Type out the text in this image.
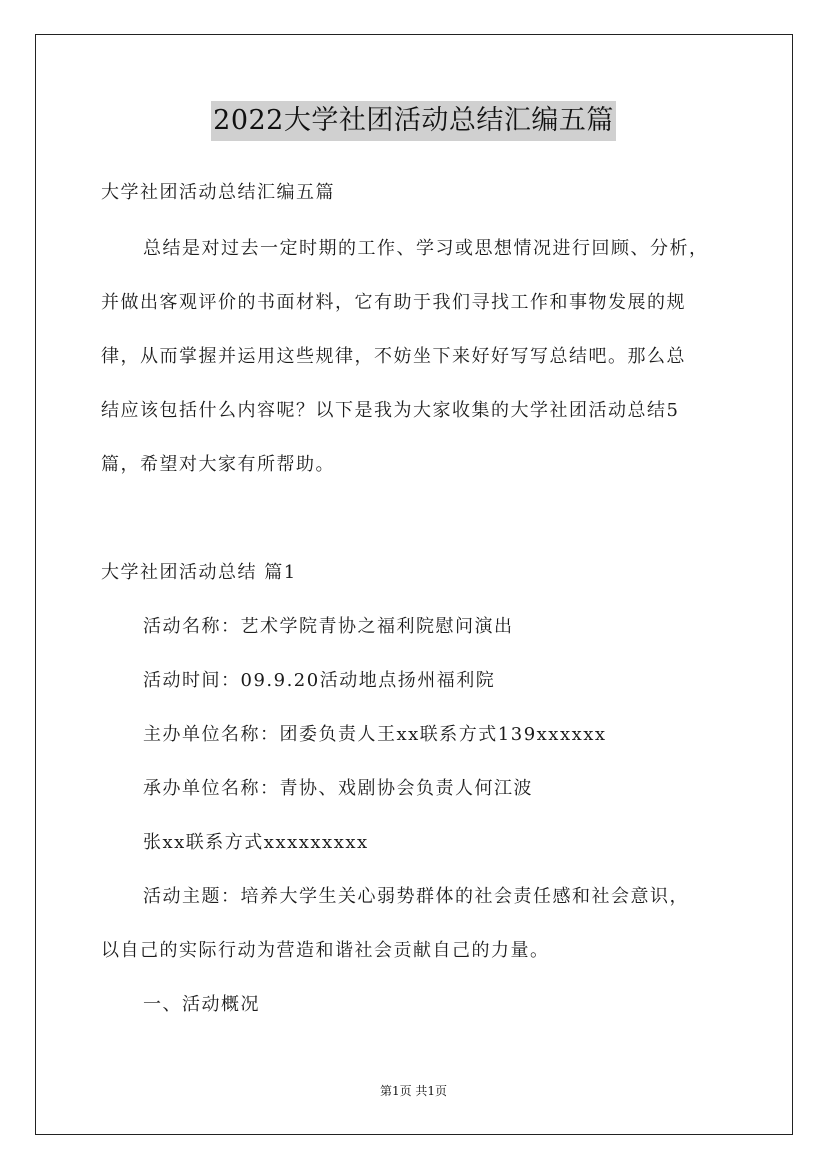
2022大学社团活动总结汇编五篇
大学社团活动总结汇编五篇
总结是对过去一定时期的工作、学习或思想情况进行回顾、分析，
并做出客观评价的书面材料，它有助于我们寻找工作和事物发展的规
律，从而掌握并运用这些规律，不妨坐下来好好写写总结吧。那么总
结应该包括什么内容呢？以下是我为大家收集的大学社团活动总结5
篇，希望对大家有所帮助。
大学社团活动总结 篇1
活动名称：艺术学院青协之福利院慰问演出
活动时间：09.9.20活动地点扬州福利院
主办单位名称：团委负责人王xx联系方式139xxxxxx
承办单位名称：青协、戏剧协会负责人何江波
张xx联系方式xxxxxxxxx
活动主题：培养大学生关心弱势群体的社会责任感和社会意识，
以自己的实际行动为营造和谐社会贡献自己的力量。
一、活动概况
第1页 共1页
